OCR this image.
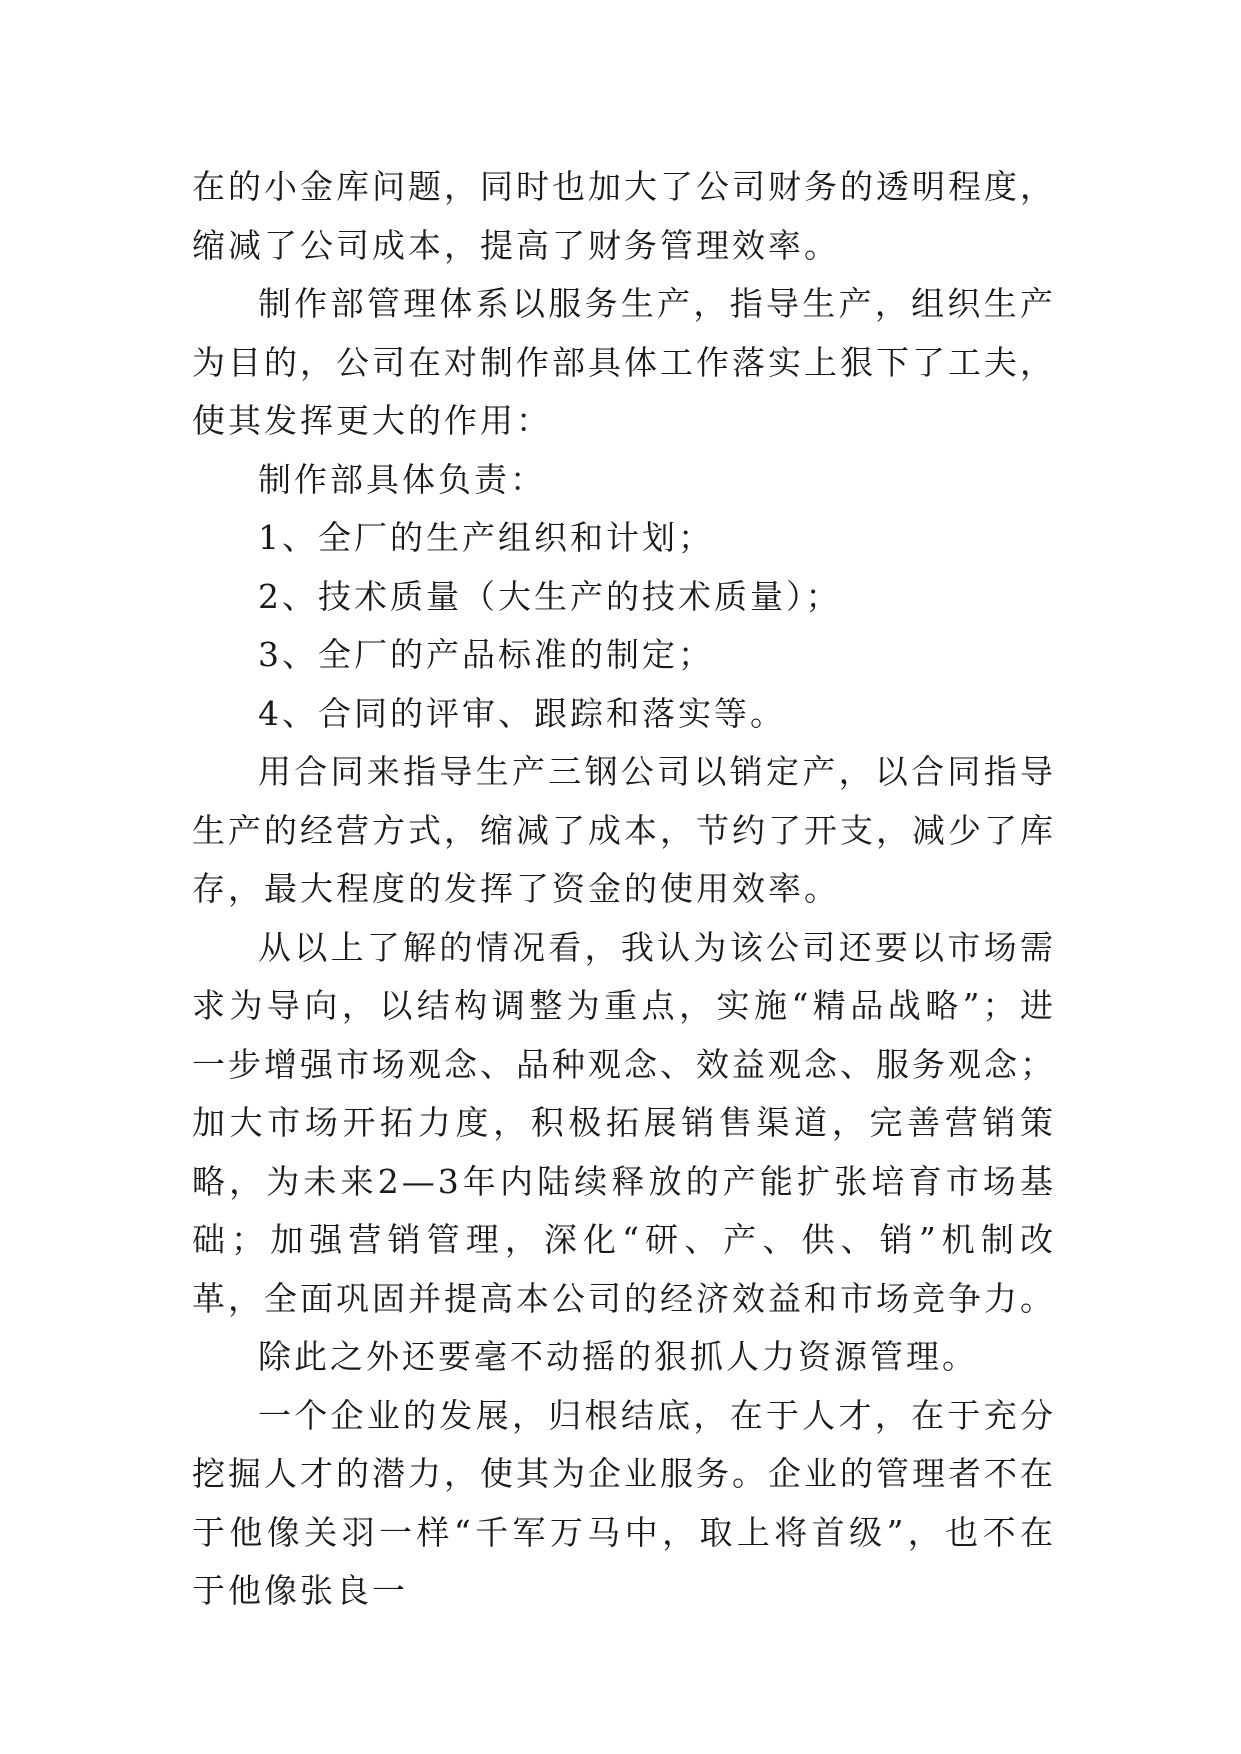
在的小金库问题，同时也加大了公司财务的透明程度，缩减了公司成本，提高了财务管理效率。

制作部管理体系以服务生产，指导生产，组织生产为目的，公司在对制作部具体工作落实上狠下了工夫，使其发挥更大的作用：

制作部具体负责：

1、全厂的生产组织和计划；

2、技术质量（大生产的技术质量）；

3、全厂的产品标准的制定；

4、合同的评审、跟踪和落实等。

用合同来指导生产三钢公司以销定产，以合同指导生产的经营方式，缩减了成本，节约了开支，减少了库存，最大程度的发挥了资金的使用效率。

从以上了解的情况看，我认为该公司还要以市场需求为导向，以结构调整为重点，实施“精品战略”；进一步增强市场观念、品种观念、效益观念、服务观念；加大市场开拓力度，积极拓展销售渠道，完善营销策略，为未来2—3年内陆续释放的产能扩张培育市场基础；加强营销管理，深化“研、产、供、销”机制改革，全面巩固并提高本公司的经济效益和市场竞争力。

除此之外还要毫不动摇的狠抓人力资源管理。

一个企业的发展，归根结底，在于人才，在于充分挖掘人才的潜力，使其为企业服务。企业的管理者不在于他像关羽一样“千军万马中，取上将首级”，也不在于他像张良一
